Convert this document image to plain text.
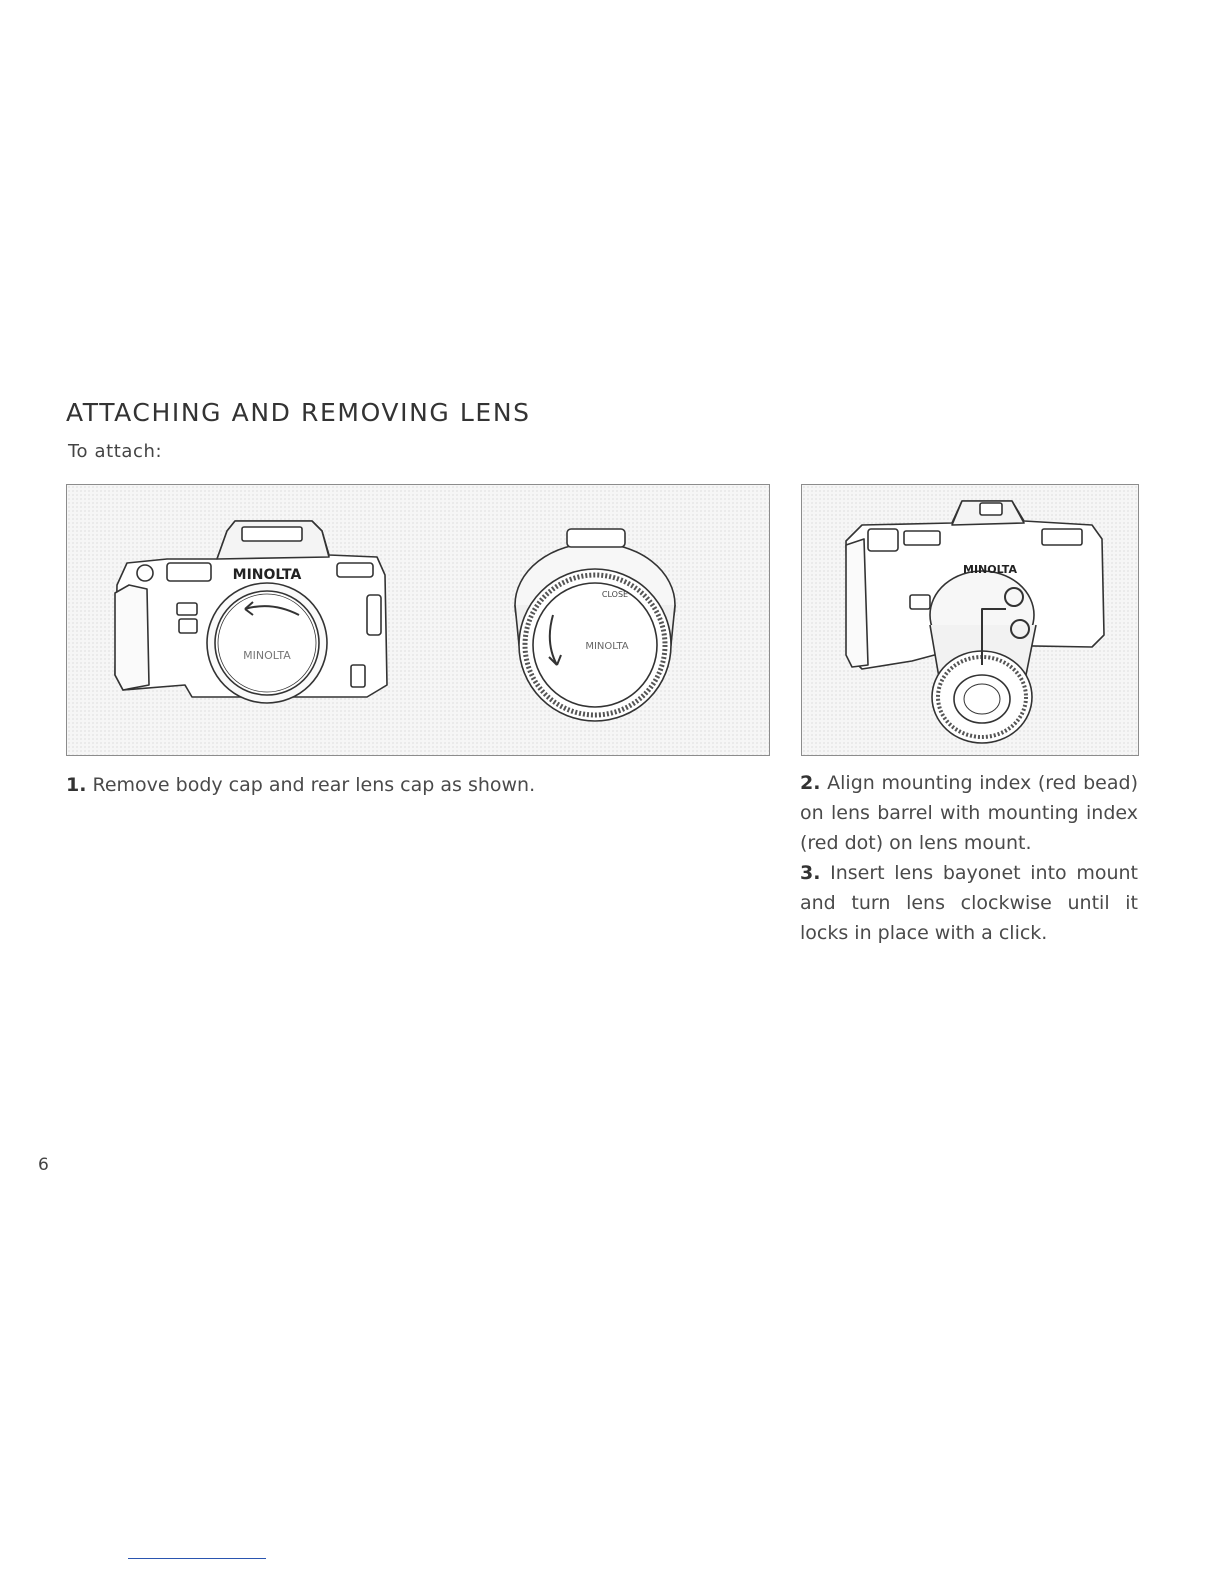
ATTACHING AND REMOVING LENS
To attach:
MINOLTA
MINOLTA
CLOSE
MINOLTA
MINOLTA
1. Remove body cap and rear lens cap as shown.	2. Align mounting index (red bead) on lens barrel with mounting index (red dot) on lens mount.

3. Insert lens bayonet into mount and turn lens clockwise until it locks in place with a click.

6
